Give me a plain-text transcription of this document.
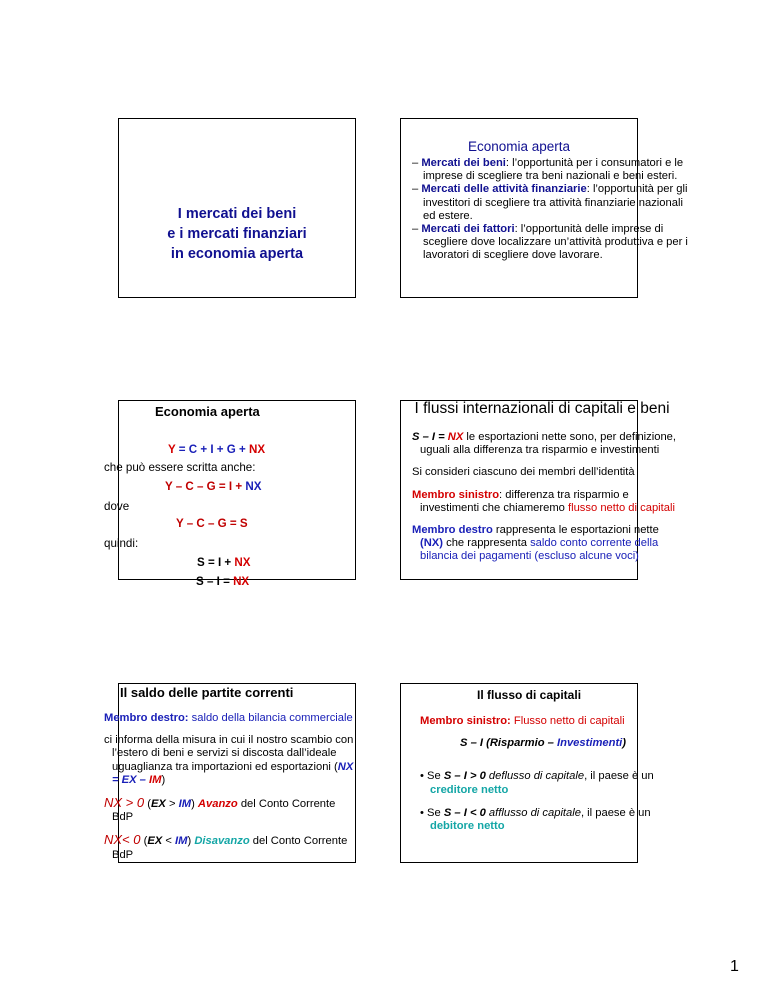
I mercati dei beni
e i mercati finanziari
in economia aperta
Economia aperta
– Mercati dei beni: l’opportunità per i consumatori e le imprese di scegliere tra beni nazionali e beni esteri.
– Mercati delle attività finanziarie: l’opportunità per gli investitori di scegliere tra attività finanziarie nazionali ed estere.
– Mercati dei fattori: l’opportunità delle imprese di scegliere dove localizzare un’attività produttiva e per i lavoratori di scegliere dove lavorare.
Economia aperta
Y = C + I + G + NX
che può essere scritta anche:
Y – C – G = I + NX
dove
Y – C – G = S
quindi:
S = I + NX
S – I = NX
I flussi internazionali di capitali e beni
S – I = NX le esportazioni nette sono, per definizione, uguali alla differenza tra risparmio e investimenti
Si consideri ciascuno dei membri dell’identità
Membro sinistro: differenza tra risparmio e investimenti che chiameremo flusso netto di capitali
Membro destro rappresenta le esportazioni nette (NX) che rappresenta saldo conto corrente della bilancia dei pagamenti (escluso alcune voci)
Il saldo delle partite correnti
Membro destro: saldo della bilancia commerciale
ci informa della misura in cui il nostro scambio con l’estero di beni e servizi si discosta dall’ideale uguaglianza tra importazioni ed esportazioni (NX = EX – IM)
NX > 0 (EX > IM) Avanzo del Conto Corrente BdP
NX< 0 (EX < IM) Disavanzo del Conto Corrente BdP
Il flusso di capitali
Membro sinistro: Flusso netto di capitali
S – I (Risparmio – Investimenti)
• Se S – I > 0 deflusso di capitale, il paese è un creditore netto
• Se S – I < 0 afflusso di capitale, il paese è un debitore netto
1
